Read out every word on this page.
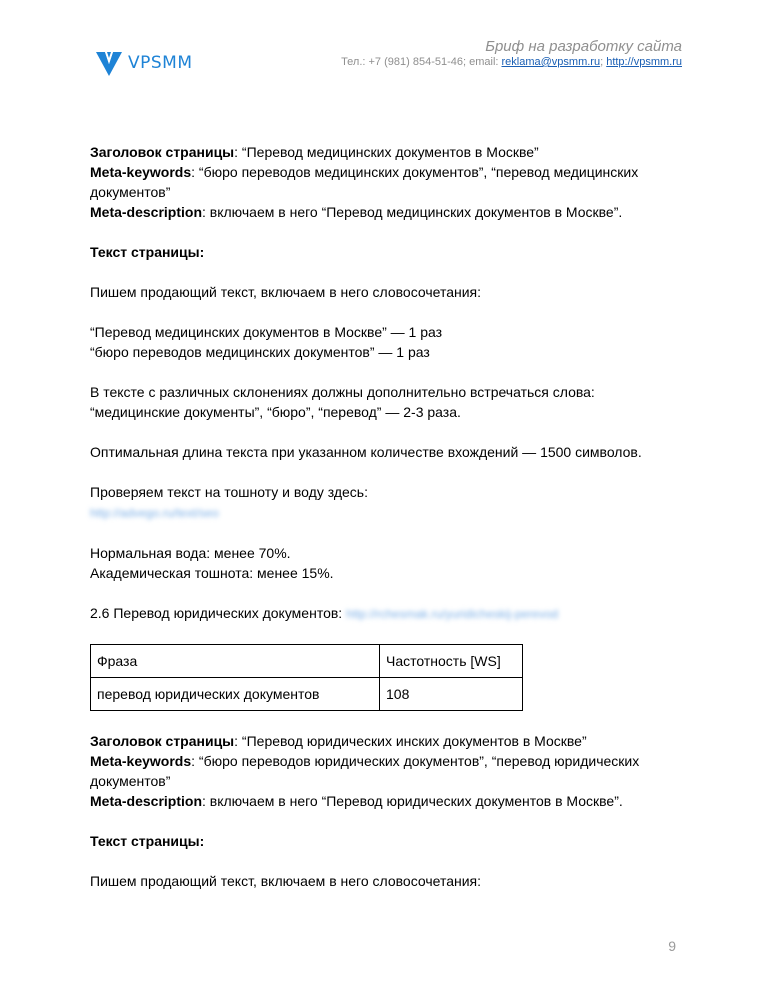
VPSMM
Бриф на разработку сайта
Тел.: +7 (981) 854-51-46; email: reklama@vpsmm.ru; http://vpsmm.ru

Заголовок страницы: “Перевод медицинских документов в Москве”

Meta-keywords: “бюро переводов медицинских документов”, “перевод медицинских документов”

Meta-description: включаем в него “Перевод медицинских документов в Москве”.

Текст страницы:

Пишем продающий текст, включаем в него словосочетания:

“Перевод медицинских документов в Москве” — 1 раз

“бюро переводов медицинских документов” — 1 раз

В тексте с различных склонениях должны дополнительно встречаться слова:

“медицинские документы”, “бюро”, “перевод” — 2-3 раза.

Оптимальная длина текста при указанном количестве вхождений — 1500 символов.

Проверяем текст на тошноту и воду здесь:

http://advego.ru/text/seo

Нормальная вода: менее 70%.

Академическая тошнота: менее 15%.

2.6 Перевод юридических документов: http://rchesmak.ru/yuridicheskij-perevod

Фраза	Частотность [WS]
перевод юридических документов	108

Заголовок страницы: “Перевод юридических инских документов в Москве”

Meta-keywords: “бюро переводов юридических документов”, “перевод юридических документов”

Meta-description: включаем в него “Перевод юридических документов в Москве”.

Текст страницы:

Пишем продающий текст, включаем в него словосочетания:

9
